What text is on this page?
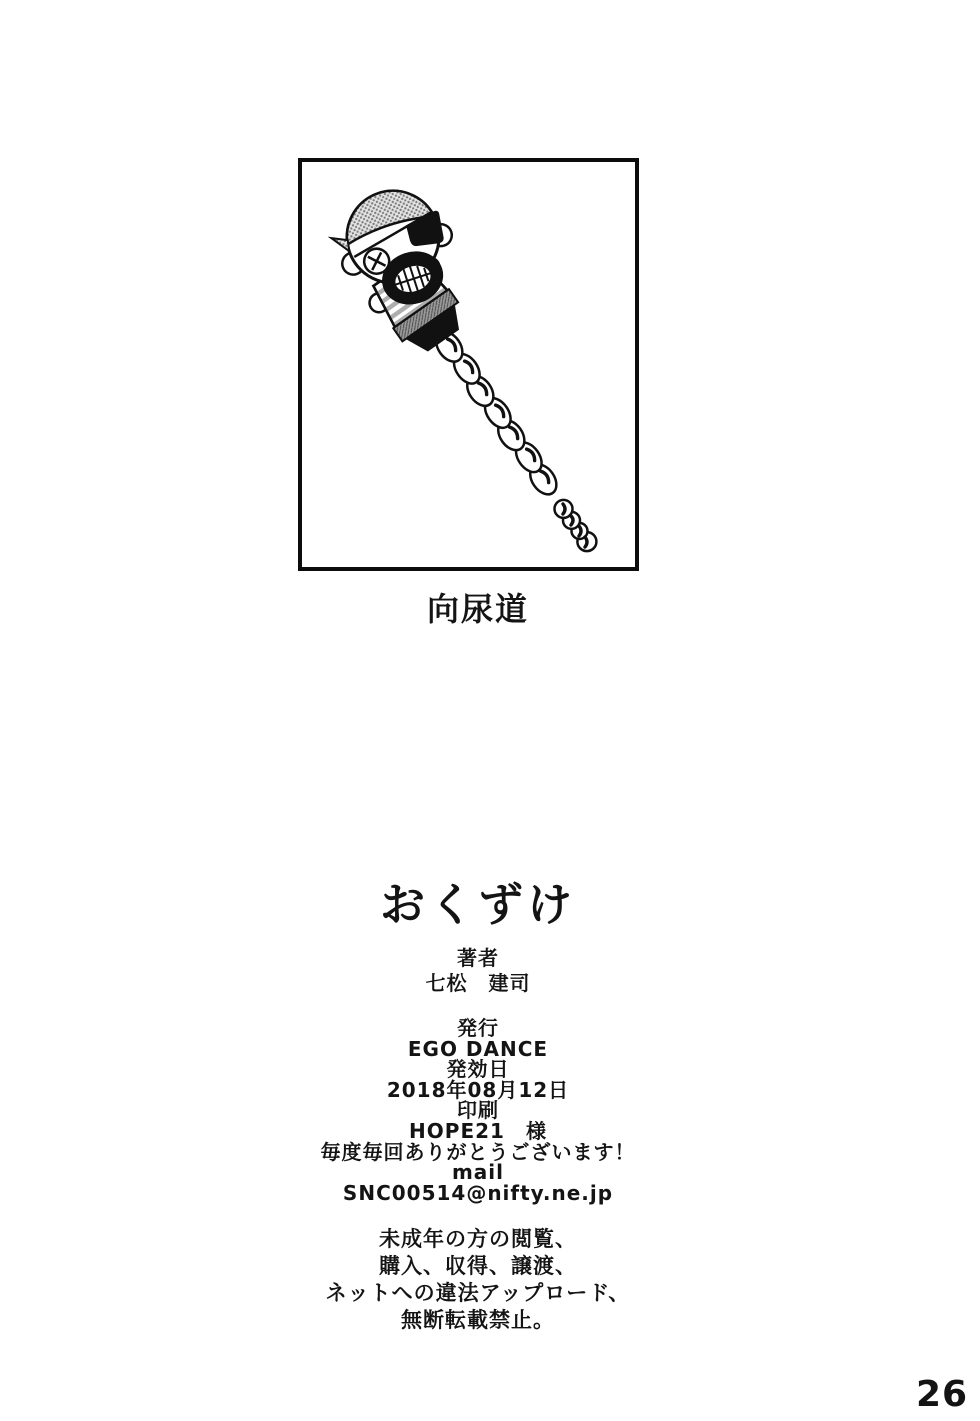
向尿道
おくずけ
著者
七松　建司
発行
EGO DANCE
発効日
2018年08月12日
印刷
HOPE21　様
毎度毎回ありがとうございます！
mail
SNC00514@nifty.ne.jp
未成年の方の閲覧、
購入、収得、譲渡、
ネットへの違法アップロード、
無断転載禁止。
26
